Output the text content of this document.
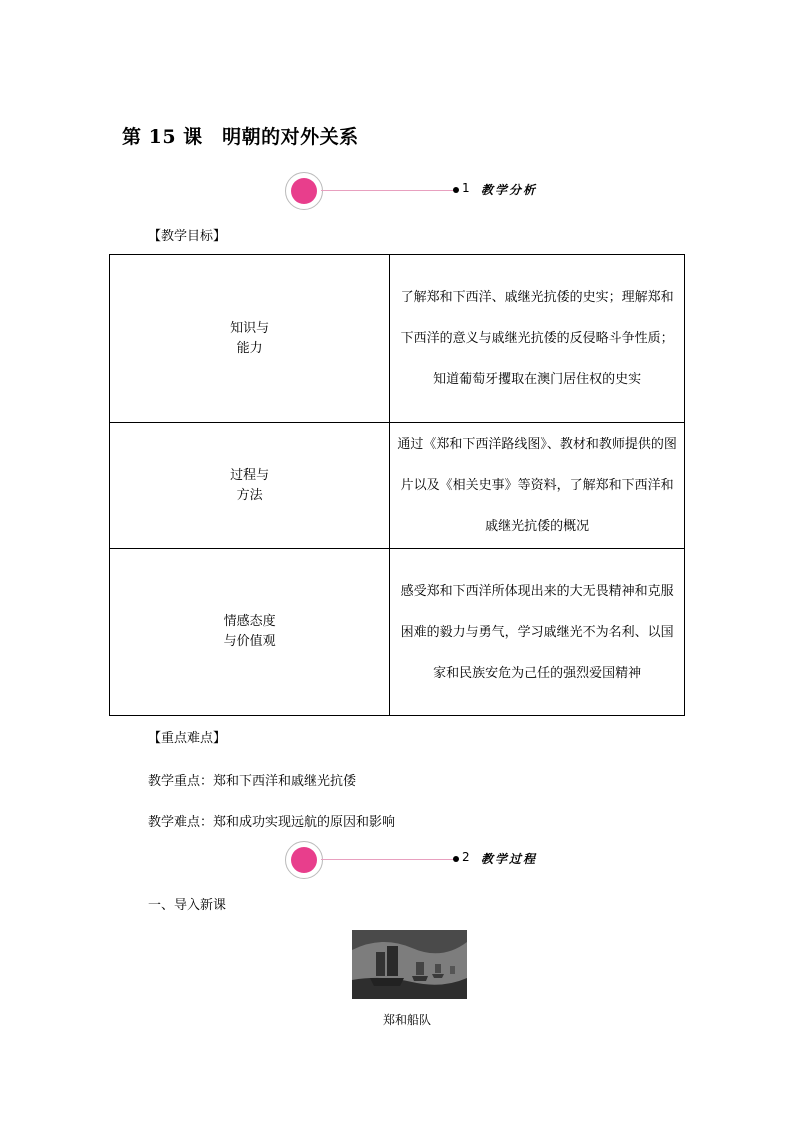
第 15 课　明朝的对外关系
1 教学分析
【教学目标】
知识与
能力	了解郑和下西洋、戚继光抗倭的史实；理解郑和下西洋的意义与戚继光抗倭的反侵略斗争性质；知道葡萄牙攫取在澳门居住权的史实

过程与
方法	通过《郑和下西洋路线图》、教材和教师提供的图片以及《相关史事》等资料，了解郑和下西洋和戚继光抗倭的概况

情感态度
与价值观	感受郑和下西洋所体现出来的大无畏精神和克服困难的毅力与勇气，学习戚继光不为名利、以国家和民族安危为己任的强烈爱国精神
【重点难点】
教学重点：郑和下西洋和戚继光抗倭
教学难点：郑和成功实现远航的原因和影响
2 教学过程
一、导入新课
郑和船队
